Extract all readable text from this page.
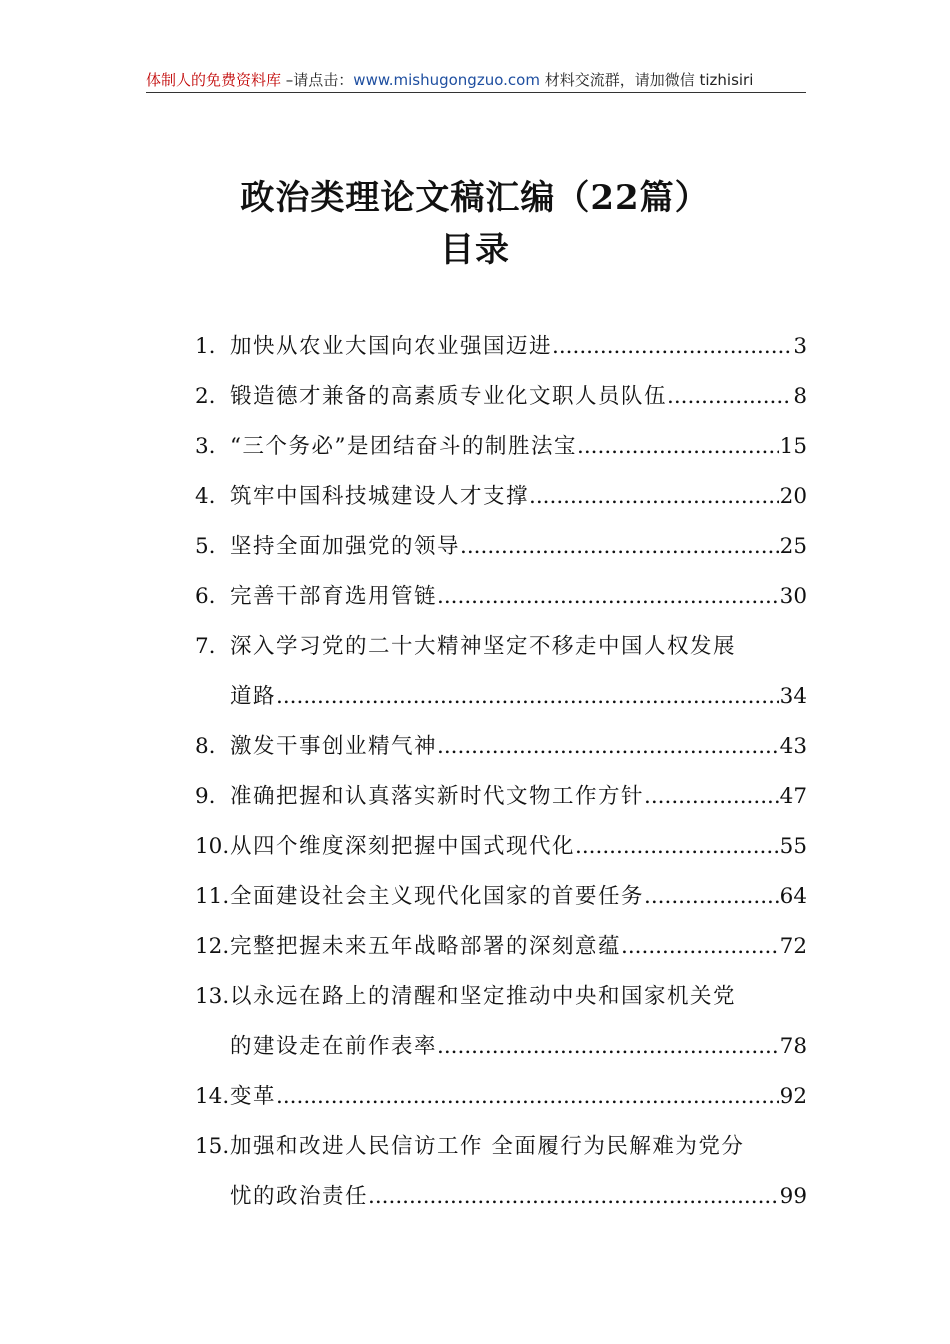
体制人的免费资料库 –请点击：www.mishugongzuo.com 材料交流群，请加微信 tizhisiri
政治类理论文稿汇编（22篇）
目录
1. 加快从农业大国向农业强国迈进 .....	3
2. 锻造德才兼备的高素质专业化文职人员队伍 .....	8
3. “三个务必”是团结奋斗的制胜法宝 .....	15
4. 筑牢中国科技城建设人才支撑 .....	20
5. 坚持全面加强党的领导 .....	25
6. 完善干部育选用管链 .....	30
7. 深入学习党的二十大精神坚定不移走中国人权发展
道路 .....	34
8. 激发干事创业精气神 .....	43
9. 准确把握和认真落实新时代文物工作方针 .....	47
10. 从四个维度深刻把握中国式现代化 .....	55
11. 全面建设社会主义现代化国家的首要任务 .....	64
12. 完整把握未来五年战略部署的深刻意蕴 .....	72
13. 以永远在路上的清醒和坚定推动中央和国家机关党
的建设走在前作表率 .....	78
14. 变革 .....	92
15. 加强和改进人民信访工作 全面履行为民解难为党分
忧的政治责任 .....	99
